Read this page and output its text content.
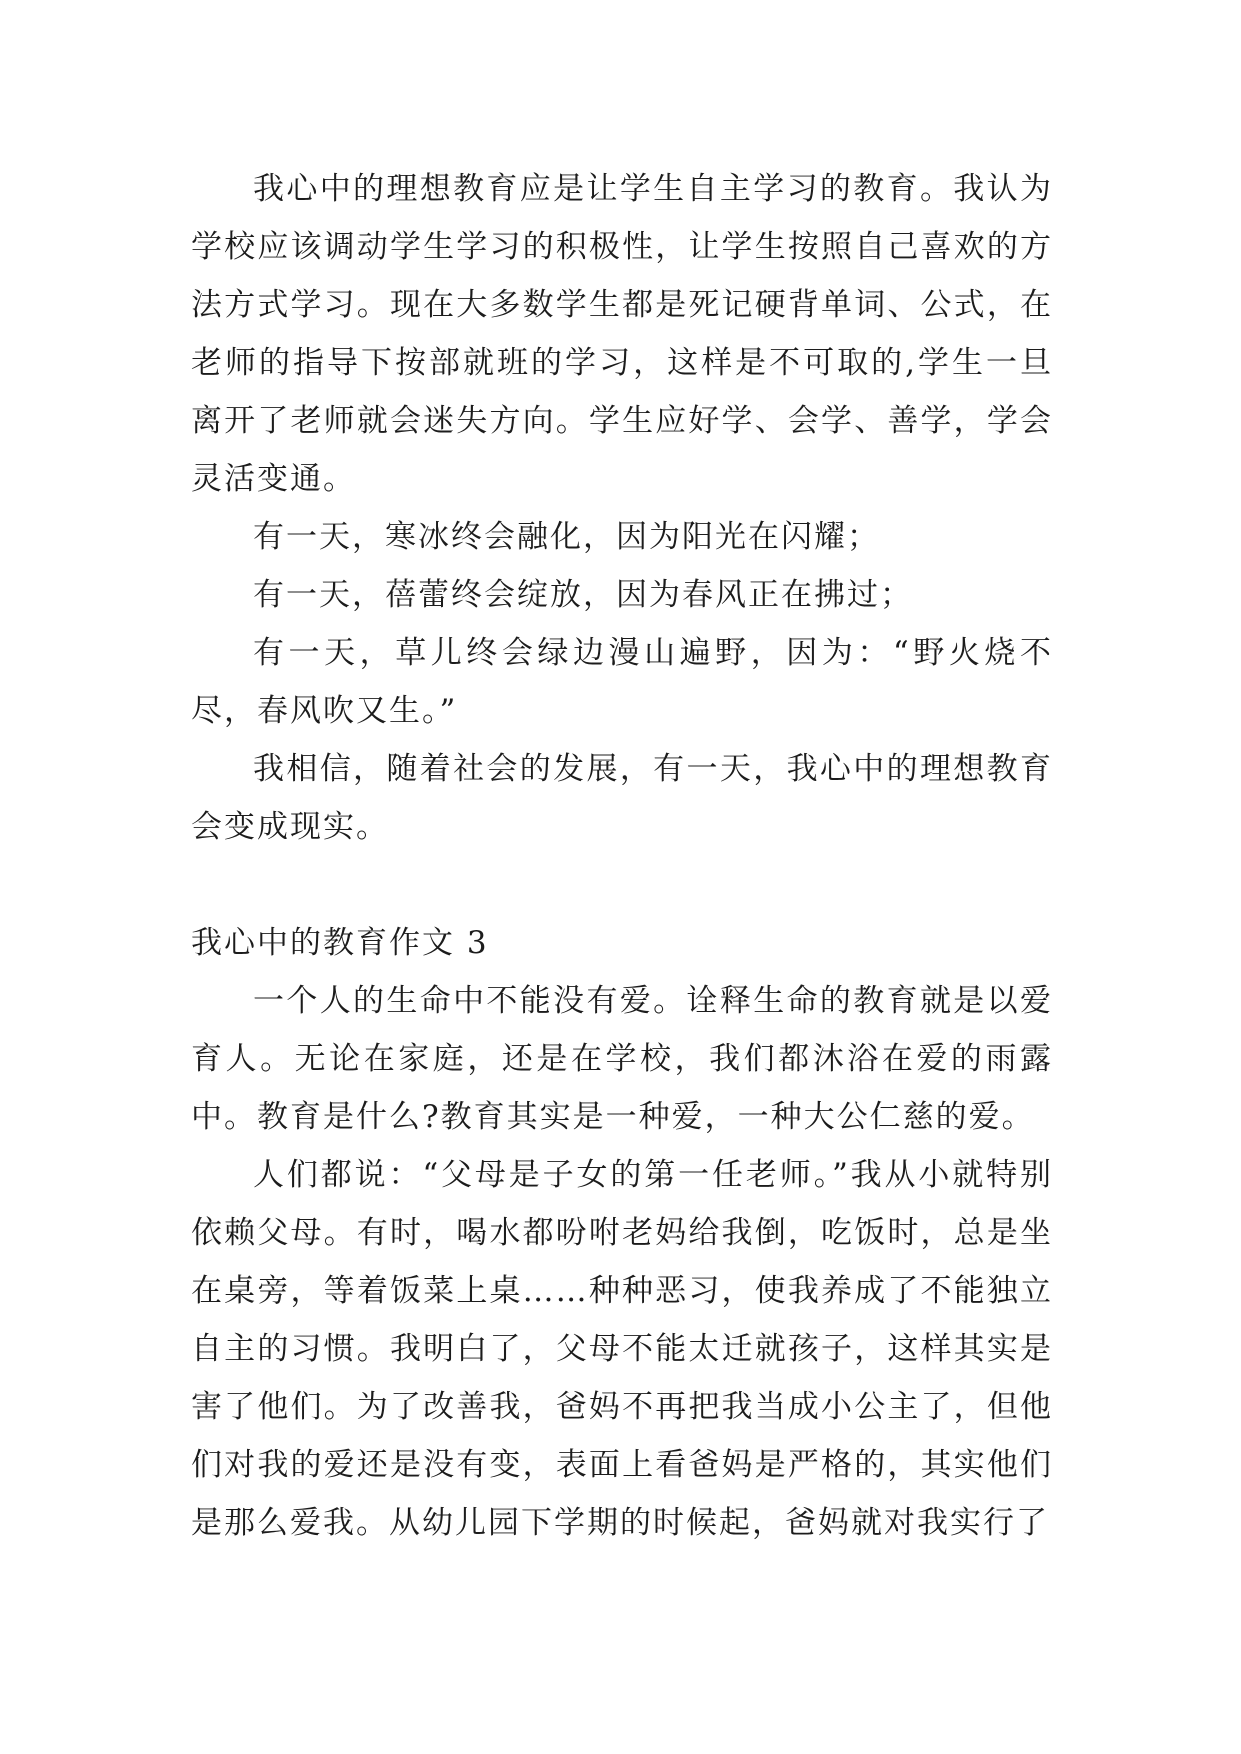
我心中的理想教育应是让学生自主学习的教育。我认为学校应该调动学生学习的积极性，让学生按照自己喜欢的方法方式学习。现在大多数学生都是死记硬背单词、公式，在老师的指导下按部就班的学习，这样是不可取的,学生一旦离开了老师就会迷失方向。学生应好学、会学、善学，学会灵活变通。

有一天，寒冰终会融化，因为阳光在闪耀；

有一天，蓓蕾终会绽放，因为春风正在拂过；

有一天，草儿终会绿边漫山遍野，因为：“野火烧不尽，春风吹又生。”

我相信，随着社会的发展，有一天，我心中的理想教育会变成现实。

我心中的教育作文 3

一个人的生命中不能没有爱。诠释生命的教育就是以爱育人。无论在家庭，还是在学校，我们都沐浴在爱的雨露中。教育是什么?教育其实是一种爱，一种大公仁慈的爱。

人们都说：“父母是子女的第一任老师。”我从小就特别依赖父母。有时，喝水都吩咐老妈给我倒，吃饭时，总是坐在桌旁，等着饭菜上桌……种种恶习，使我养成了不能独立自主的习惯。我明白了，父母不能太迁就孩子，这样其实是害了他们。为了改善我，爸妈不再把我当成小公主了，但他们对我的爱还是没有变，表面上看爸妈是严格的，其实他们是那么爱我。从幼儿园下学期的时候起，爸妈就对我实行了
